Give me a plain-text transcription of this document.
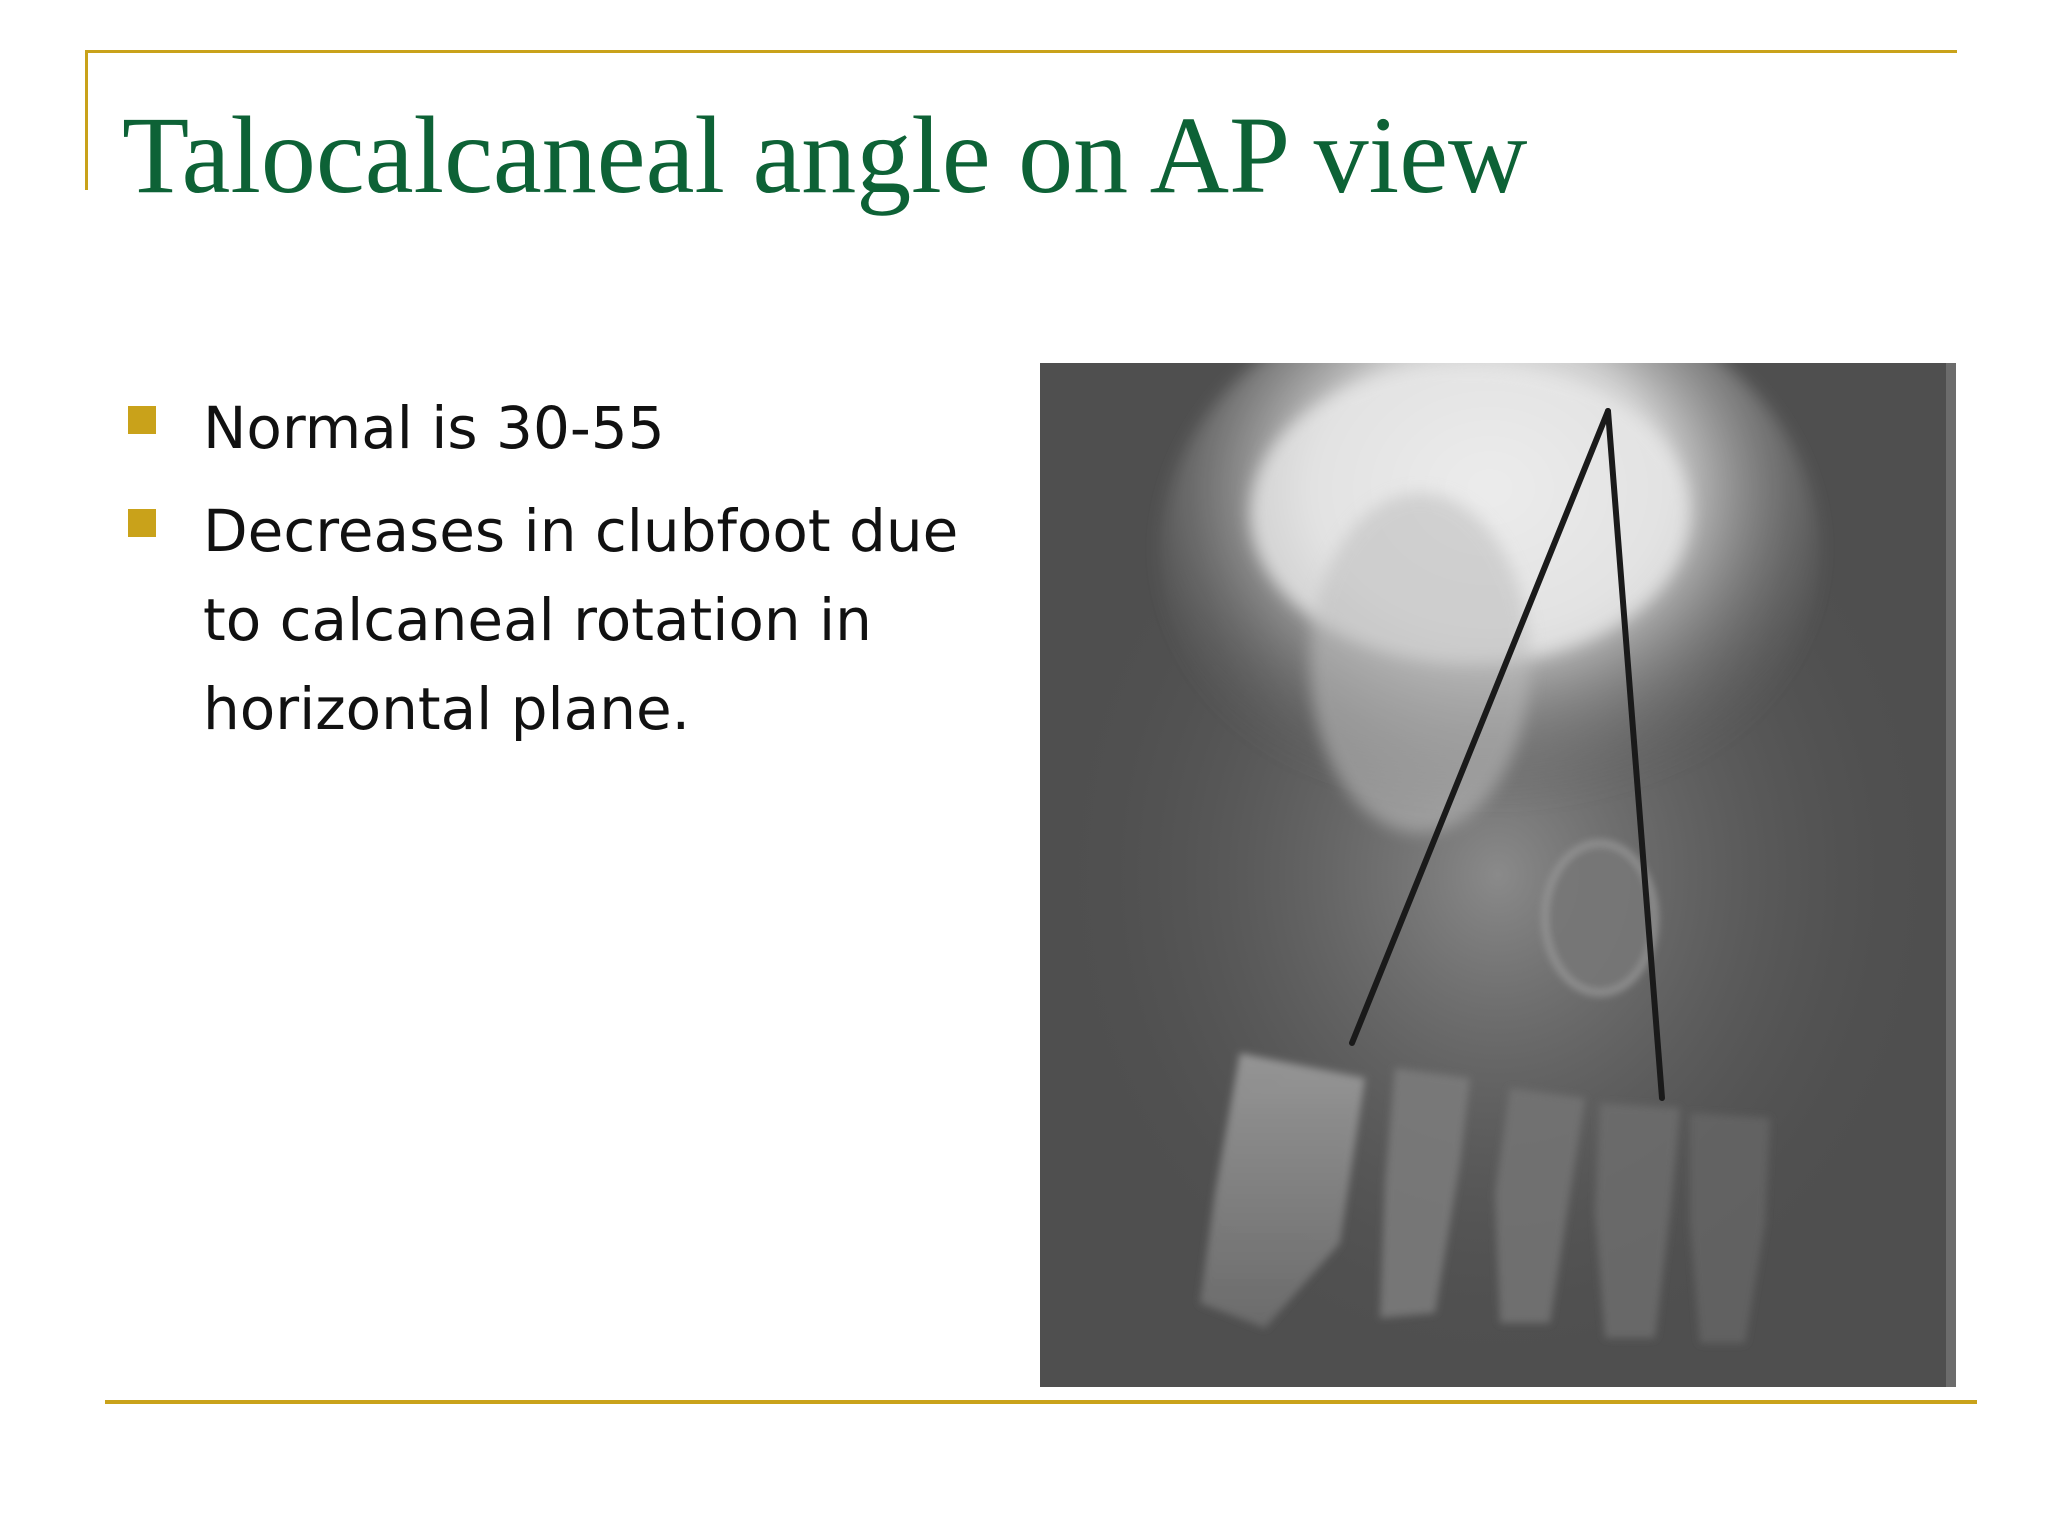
Talocalcaneal angle on AP view
Normal is 30-55
Decreases in clubfoot due to calcaneal rotation in horizontal plane.
